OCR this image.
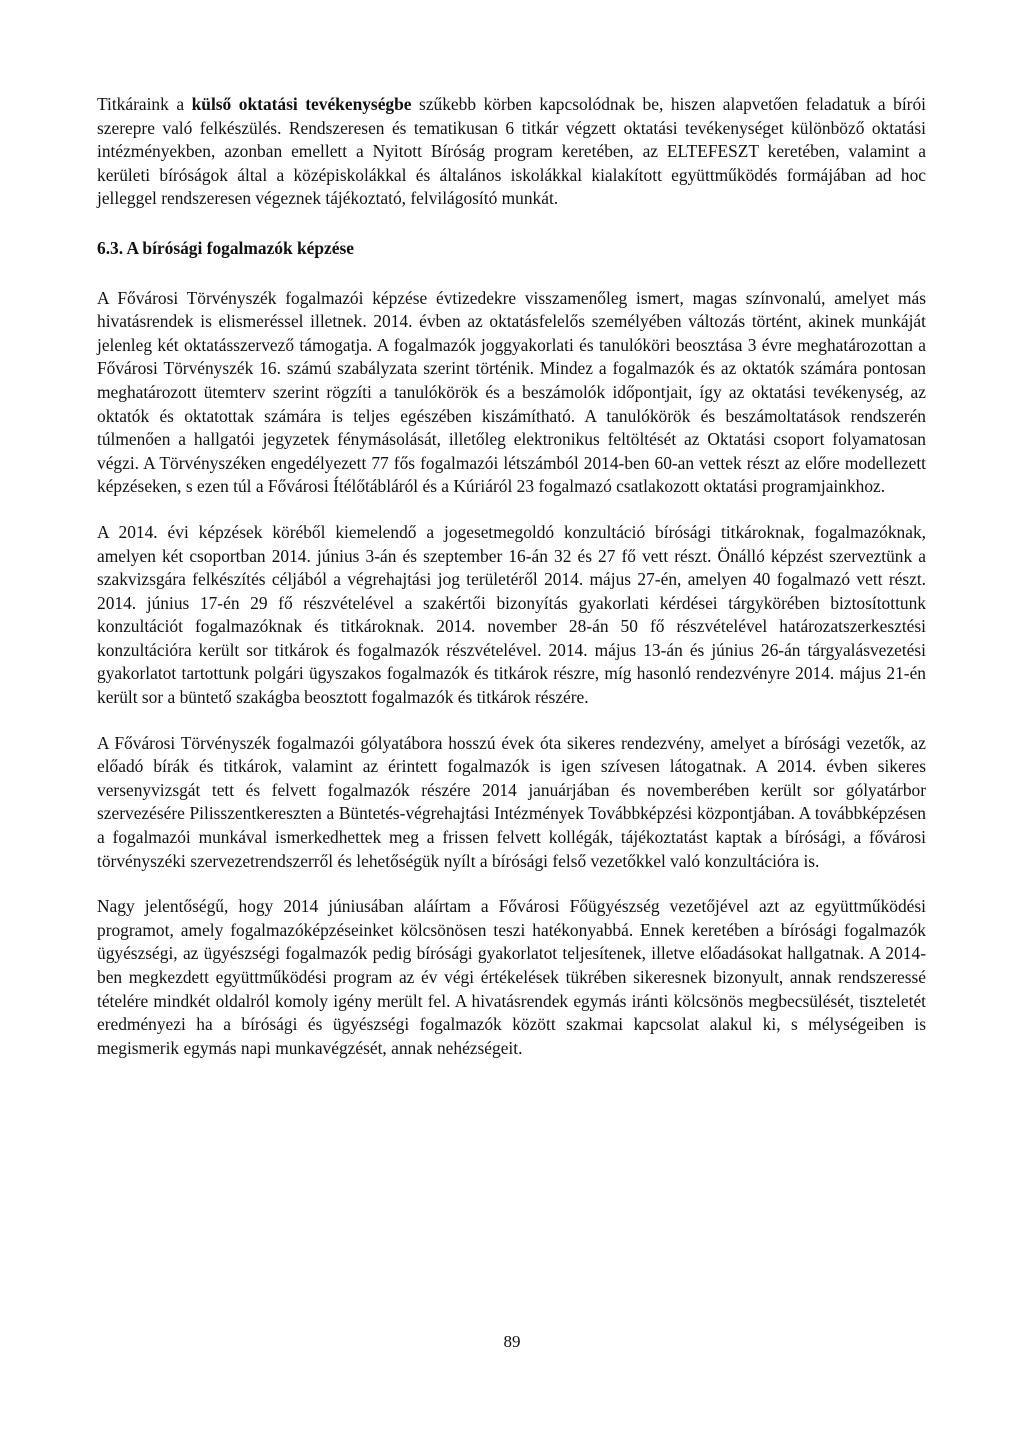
Titkáraink a külső oktatási tevékenységbe szűkebb körben kapcsolódnak be, hiszen alapvetően feladatuk a bírói szerepre való felkészülés. Rendszeresen és tematikusan 6 titkár végzett oktatási tevékenységet különböző oktatási intézményekben, azonban emellett a Nyitott Bíróság program keretében, az ELTEFESZT keretében, valamint a kerületi bíróságok által a középiskolákkal és általános iskolákkal kialakított együttműködés formájában ad hoc jelleggel rendszeresen végeznek tájékoztató, felvilágosító munkát.

6.3. A bírósági fogalmazók képzése

A Fővárosi Törvényszék fogalmazói képzése évtizedekre visszamenőleg ismert, magas színvonalú, amelyet más hivatásrendek is elismeréssel illetnek. 2014. évben az oktatásfelelős személyében változás történt, akinek munkáját jelenleg két oktatásszervező támogatja. A fogalmazók joggyakorlati és tanulóköri beosztása 3 évre meghatározottan a Fővárosi Törvényszék 16. számú szabályzata szerint történik. Mindez a fogalmazók és az oktatók számára pontosan meghatározott ütemterv szerint rögzíti a tanulókörök és a beszámolók időpontjait, így az oktatási tevékenység, az oktatók és oktatottak számára is teljes egészében kiszámítható. A tanulókörök és beszámoltatások rendszerén túlmenően a hallgatói jegyzetek fénymásolását, illetőleg elektronikus feltöltését az Oktatási csoport folyamatosan végzi. A Törvényszéken engedélyezett 77 fős fogalmazói létszámból 2014-ben 60-an vettek részt az előre modellezett képzéseken, s ezen túl a Fővárosi Ítélőtábláról és a Kúriáról 23 fogalmazó csatlakozott oktatási programjainkhoz.

A 2014. évi képzések köréből kiemelendő a jogesetmegoldó konzultáció bírósági titkároknak, fogalmazóknak, amelyen két csoportban 2014. június 3-án és szeptember 16-án 32 és 27 fő vett részt. Önálló képzést szerveztünk a szakvizsgára felkészítés céljából a végrehajtási jog területéről 2014. május 27-én, amelyen 40 fogalmazó vett részt. 2014. június 17-én 29 fő részvételével a szakértői bizonyítás gyakorlati kérdései tárgykörében biztosítottunk konzultációt fogalmazóknak és titkároknak. 2014. november 28-án 50 fő részvételével határozatszerkesztési konzultációra került sor titkárok és fogalmazók részvételével. 2014. május 13-án és június 26-án tárgyalásvezetési gyakorlatot tartottunk polgári ügyszakos fogalmazók és titkárok részre, míg hasonló rendezvényre 2014. május 21-én került sor a büntető szakágba beosztott fogalmazók és titkárok részére.

A Fővárosi Törvényszék fogalmazói gólyatábora hosszú évek óta sikeres rendezvény, amelyet a bírósági vezetők, az előadó bírák és titkárok, valamint az érintett fogalmazók is igen szívesen látogatnak. A 2014. évben sikeres versenyvizsgát tett és felvett fogalmazók részére 2014 januárjában és novemberében került sor gólyatárbor szervezésére Pilisszentkereszten a Büntetés-végrehajtási Intézmények Továbbképzési központjában. A továbbképzésen a fogalmazói munkával ismerkedhettek meg a frissen felvett kollégák, tájékoztatást kaptak a bírósági, a fővárosi törvényszéki szervezetrendszerről és lehetőségük nyílt a bírósági felső vezetőkkel való konzultációra is.

Nagy jelentőségű, hogy 2014 júniusában aláírtam a Fővárosi Főügyészség vezetőjével azt az együttműködési programot, amely fogalmazóképzéseinket kölcsönösen teszi hatékonyabbá. Ennek keretében a bírósági fogalmazók ügyészségi, az ügyészségi fogalmazók pedig bírósági gyakorlatot teljesítenek, illetve előadásokat hallgatnak. A 2014-ben megkezdett együttműködési program az év végi értékelések tükrében sikeresnek bizonyult, annak rendszeressé tételére mindkét oldalról komoly igény merült fel. A hivatásrendek egymás iránti kölcsönös megbecsülését, tiszteletét eredményezi ha a bírósági és ügyészségi fogalmazók között szakmai kapcsolat alakul ki, s mélységeiben is megismerik egymás napi munkavégzését, annak nehézségeit.

89
